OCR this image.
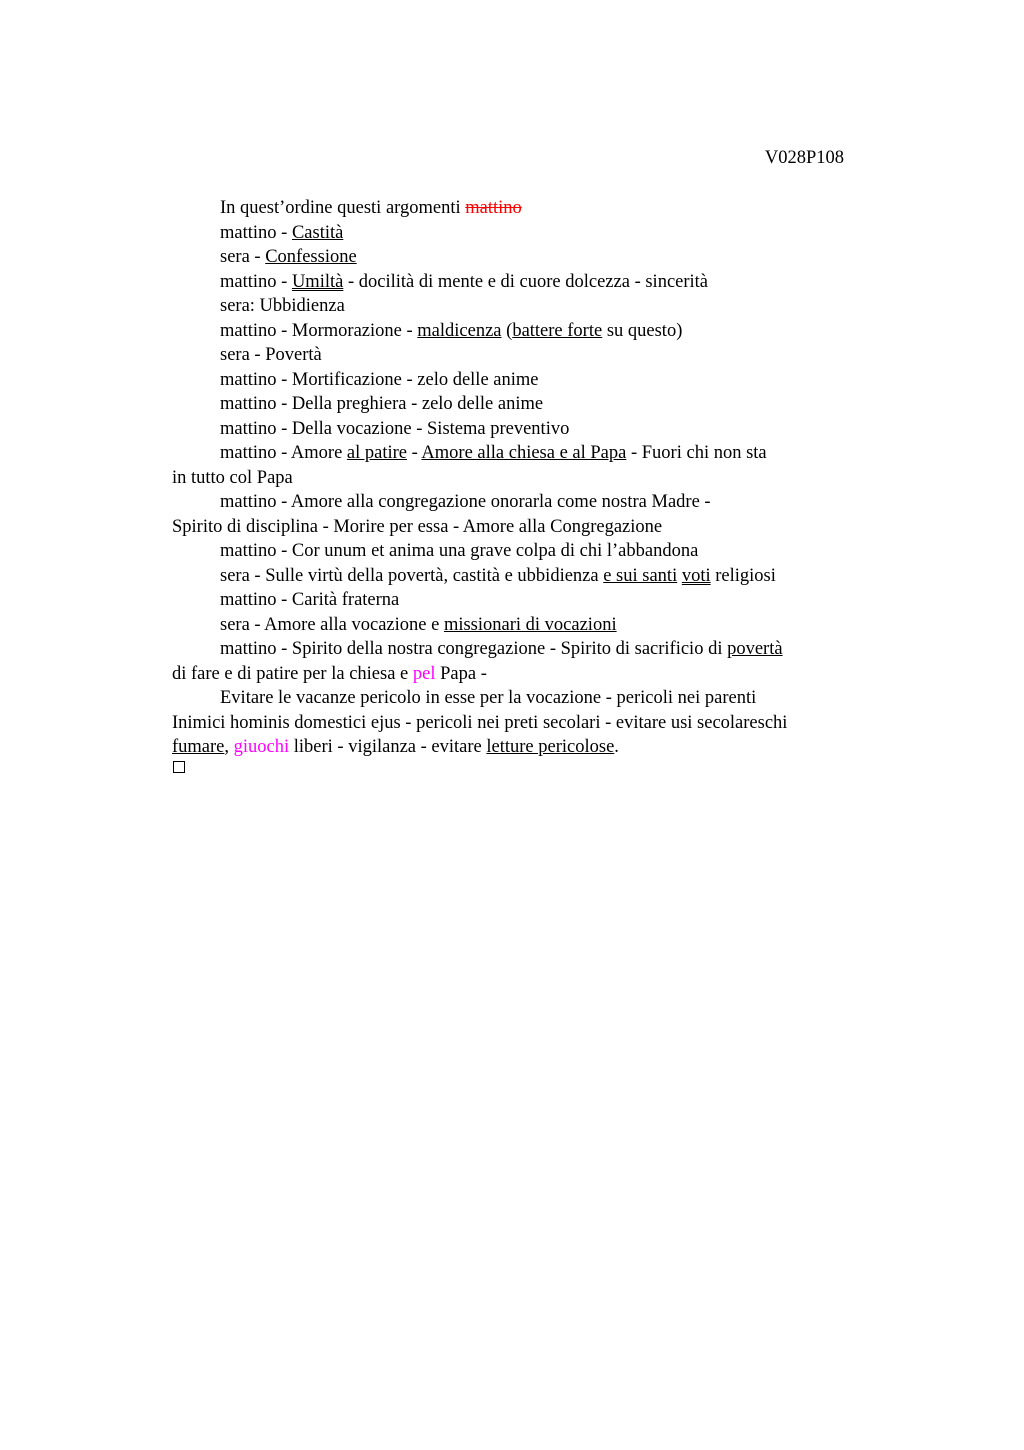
V028P108

In quest’ordine questi argomenti mattino

mattino - Castità

sera - Confessione

mattino - Umiltà - docilità di mente e di cuore dolcezza - sincerità

sera: Ubbidienza

mattino - Mormorazione - maldicenza (battere forte su questo)

sera - Povertà

mattino - Mortificazione - zelo delle anime

mattino - Della preghiera - zelo delle anime

mattino - Della vocazione - Sistema preventivo

mattino - Amore al patire - Amore alla chiesa e al Papa - Fuori chi non sta

in tutto col Papa

mattino - Amore alla congregazione onorarla come nostra Madre -

Spirito di disciplina - Morire per essa - Amore alla Congregazione

mattino - Cor unum et anima una grave colpa di chi l’abbandona

sera - Sulle virtù della povertà, castità e ubbidienza e sui santi voti religiosi

mattino - Carità fraterna

sera - Amore alla vocazione e missionari di vocazioni

mattino - Spirito della nostra congregazione - Spirito di sacrificio di povertà

di fare e di patire per la chiesa e pel Papa -

Evitare le vacanze pericolo in esse per la vocazione - pericoli nei parenti

Inimici hominis domestici ejus - pericoli nei preti secolari - evitare usi secolareschi

fumare, giuochi liberi - vigilanza - evitare letture pericolose.
